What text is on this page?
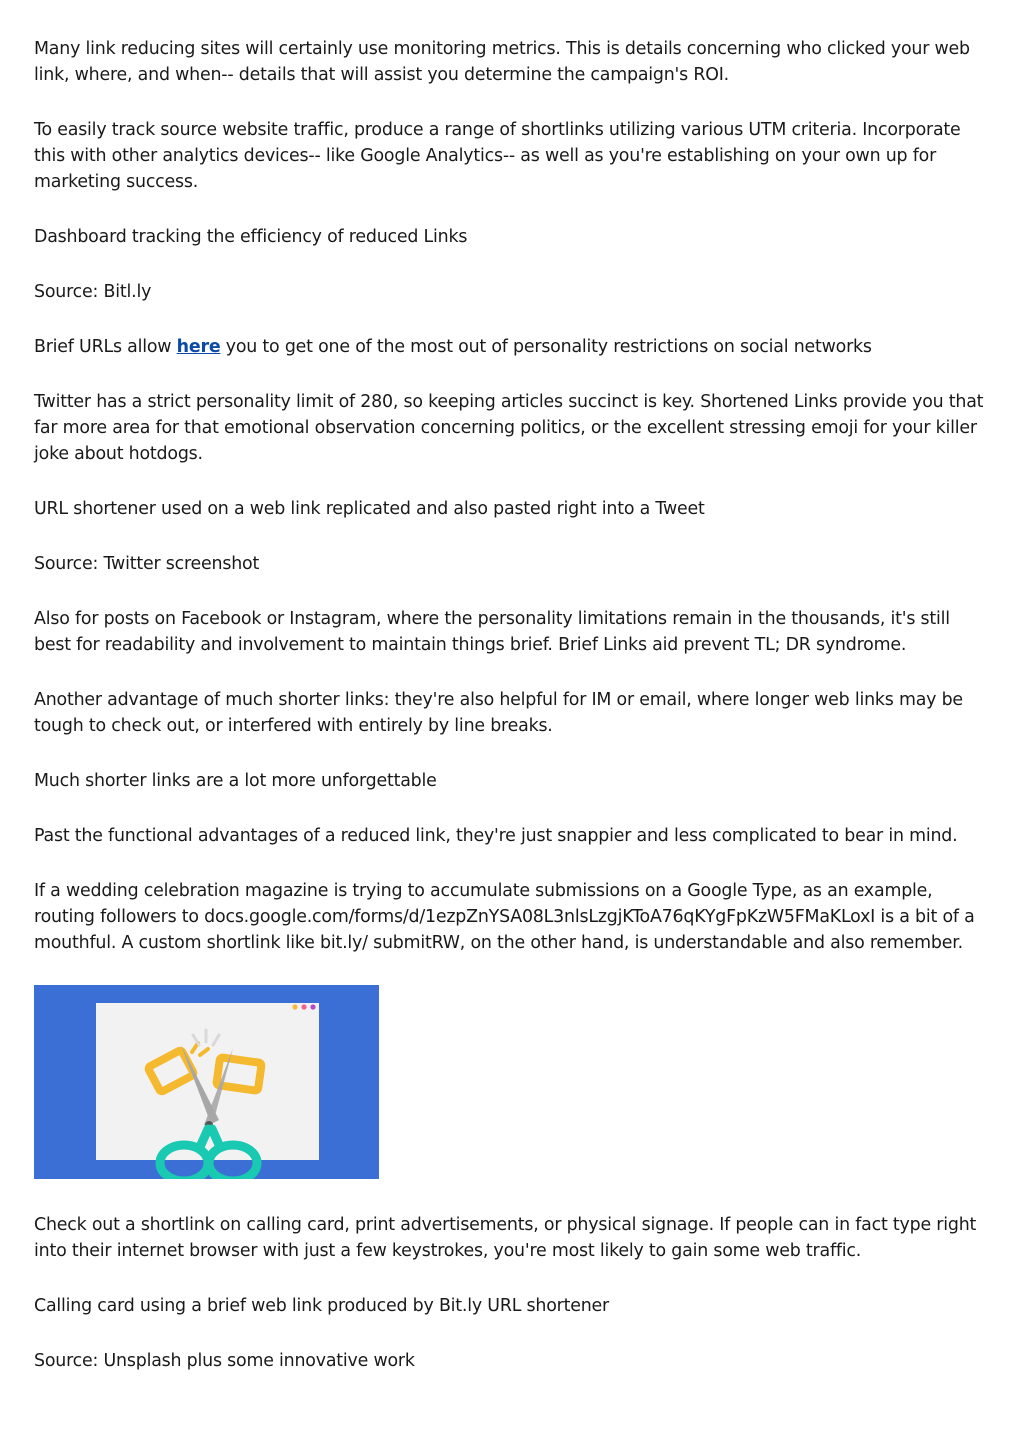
Many link reducing sites will certainly use monitoring metrics. This is details concerning who clicked your web link, where, and when-- details that will assist you determine the campaign's ROI.

To easily track source website traffic, produce a range of shortlinks utilizing various UTM criteria. Incorporate this with other analytics devices-- like Google Analytics-- as well as you're establishing on your own up for marketing success.

Dashboard tracking the efficiency of reduced Links

Source: Bitl.ly

Brief URLs allow here you to get one of the most out of personality restrictions on social networks

Twitter has a strict personality limit of 280, so keeping articles succinct is key. Shortened Links provide you that far more area for that emotional observation concerning politics, or the excellent stressing emoji for your killer joke about hotdogs.

URL shortener used on a web link replicated and also pasted right into a Tweet

Source: Twitter screenshot

Also for posts on Facebook or Instagram, where the personality limitations remain in the thousands, it's still best for readability and involvement to maintain things brief. Brief Links aid prevent TL; DR syndrome.

Another advantage of much shorter links: they're also helpful for IM or email, where longer web links may be tough to check out, or interfered with entirely by line breaks.

Much shorter links are a lot more unforgettable

Past the functional advantages of a reduced link, they're just snappier and less complicated to bear in mind.

If a wedding celebration magazine is trying to accumulate submissions on a Google Type, as an example, routing followers to docs.google.com/forms/d/1ezpZnYSA08L3nlsLzgjKToA76qKYgFpKzW5FMaKLoxI is a bit of a mouthful. A custom shortlink like bit.ly/ submitRW, on the other hand, is understandable and also remember.

Check out a shortlink on calling card, print advertisements, or physical signage. If people can in fact type right into their internet browser with just a few keystrokes, you're most likely to gain some web traffic.

Calling card using a brief web link produced by Bit.ly URL shortener

Source: Unsplash plus some innovative work
